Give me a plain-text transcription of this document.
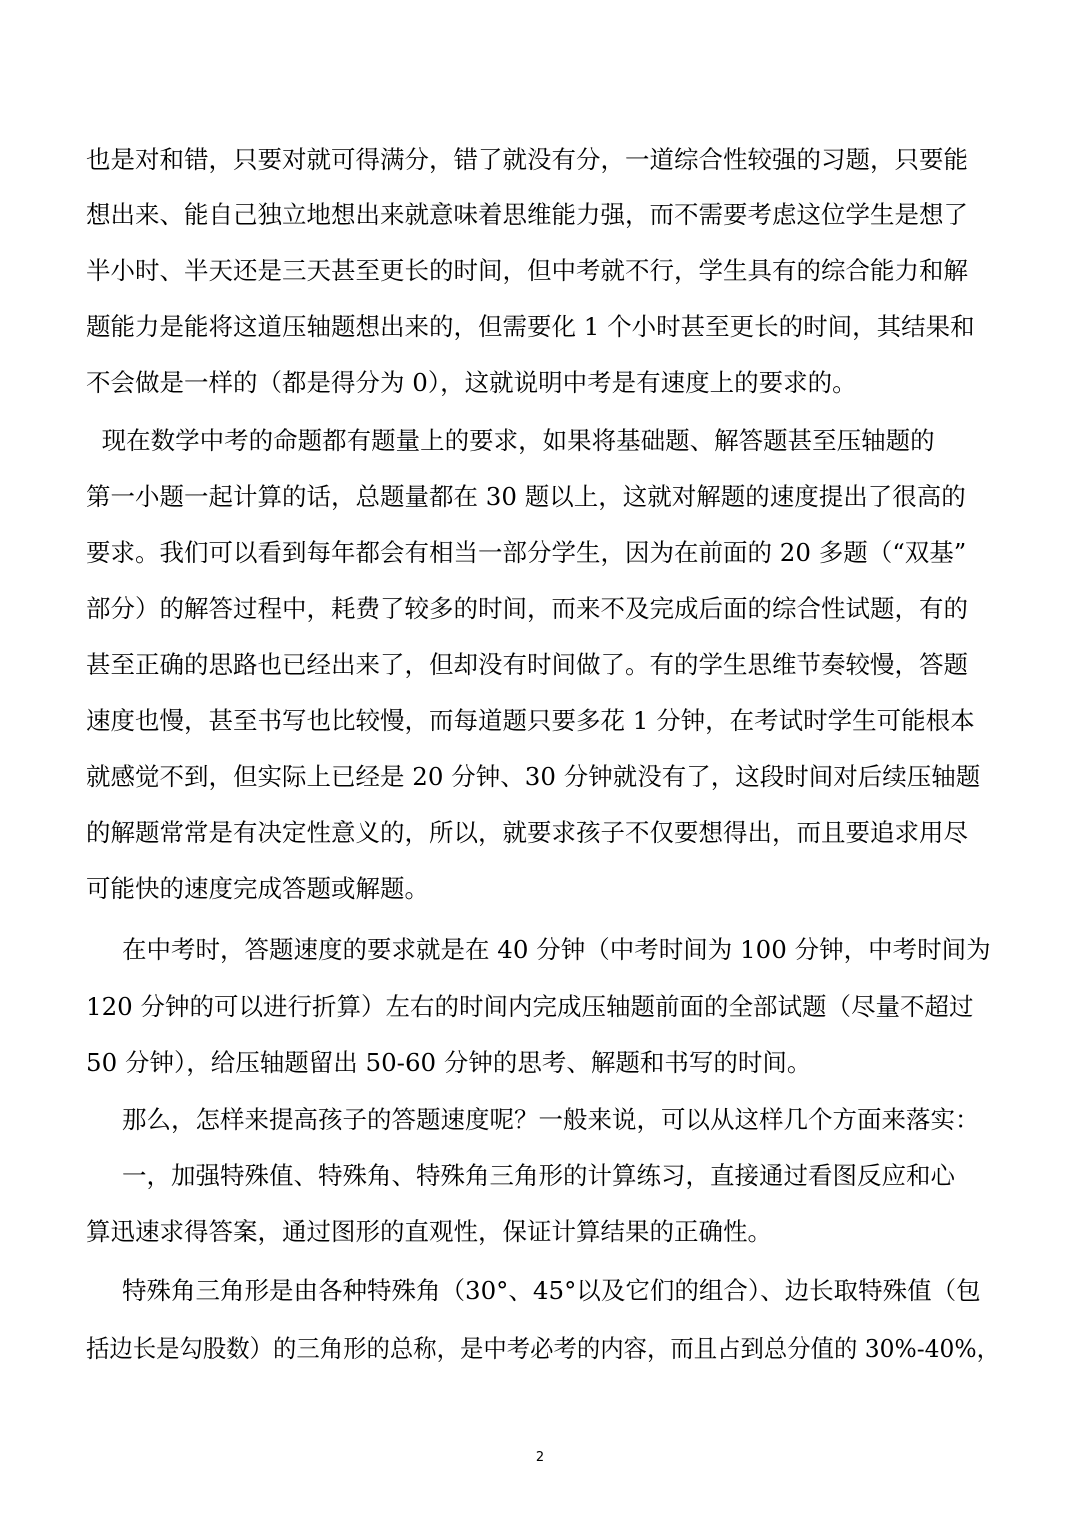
也是对和错，只要对就可得满分，错了就没有分，一道综合性较强的习题，只要能
想出来、能自己独立地想出来就意味着思维能力强，而不需要考虑这位学生是想了
半小时、半天还是三天甚至更长的时间，但中考就不行，学生具有的综合能力和解
题能力是能将这道压轴题想出来的，但需要化 1 个小时甚至更长的时间，其结果和
不会做是一样的（都是得分为 0），这就说明中考是有速度上的要求的。
现在数学中考的命题都有题量上的要求，如果将基础题、解答题甚至压轴题的
第一小题一起计算的话，总题量都在 30 题以上，这就对解题的速度提出了很高的
要求。我们可以看到每年都会有相当一部分学生，因为在前面的 20 多题（“双基”
部分）的解答过程中，耗费了较多的时间，而来不及完成后面的综合性试题，有的
甚至正确的思路也已经出来了，但却没有时间做了。有的学生思维节奏较慢，答题
速度也慢，甚至书写也比较慢，而每道题只要多花 1 分钟，在考试时学生可能根本
就感觉不到，但实际上已经是 20 分钟、30 分钟就没有了，这段时间对后续压轴题
的解题常常是有决定性意义的，所以，就要求孩子不仅要想得出，而且要追求用尽
可能快的速度完成答题或解题。
在中考时，答题速度的要求就是在 40 分钟（中考时间为 100 分钟，中考时间为
120 分钟的可以进行折算）左右的时间内完成压轴题前面的全部试题（尽量不超过
50 分钟），给压轴题留出 50-60 分钟的思考、解题和书写的时间。
那么，怎样来提高孩子的答题速度呢？一般来说，可以从这样几个方面来落实：
一，加强特殊值、特殊角、特殊角三角形的计算练习，直接通过看图反应和心
算迅速求得答案，通过图形的直观性，保证计算结果的正确性。
特殊角三角形是由各种特殊角（30°、45°以及它们的组合）、边长取特殊值（包
括边长是勾股数）的三角形的总称，是中考必考的内容，而且占到总分值的 30%-40%，
2
